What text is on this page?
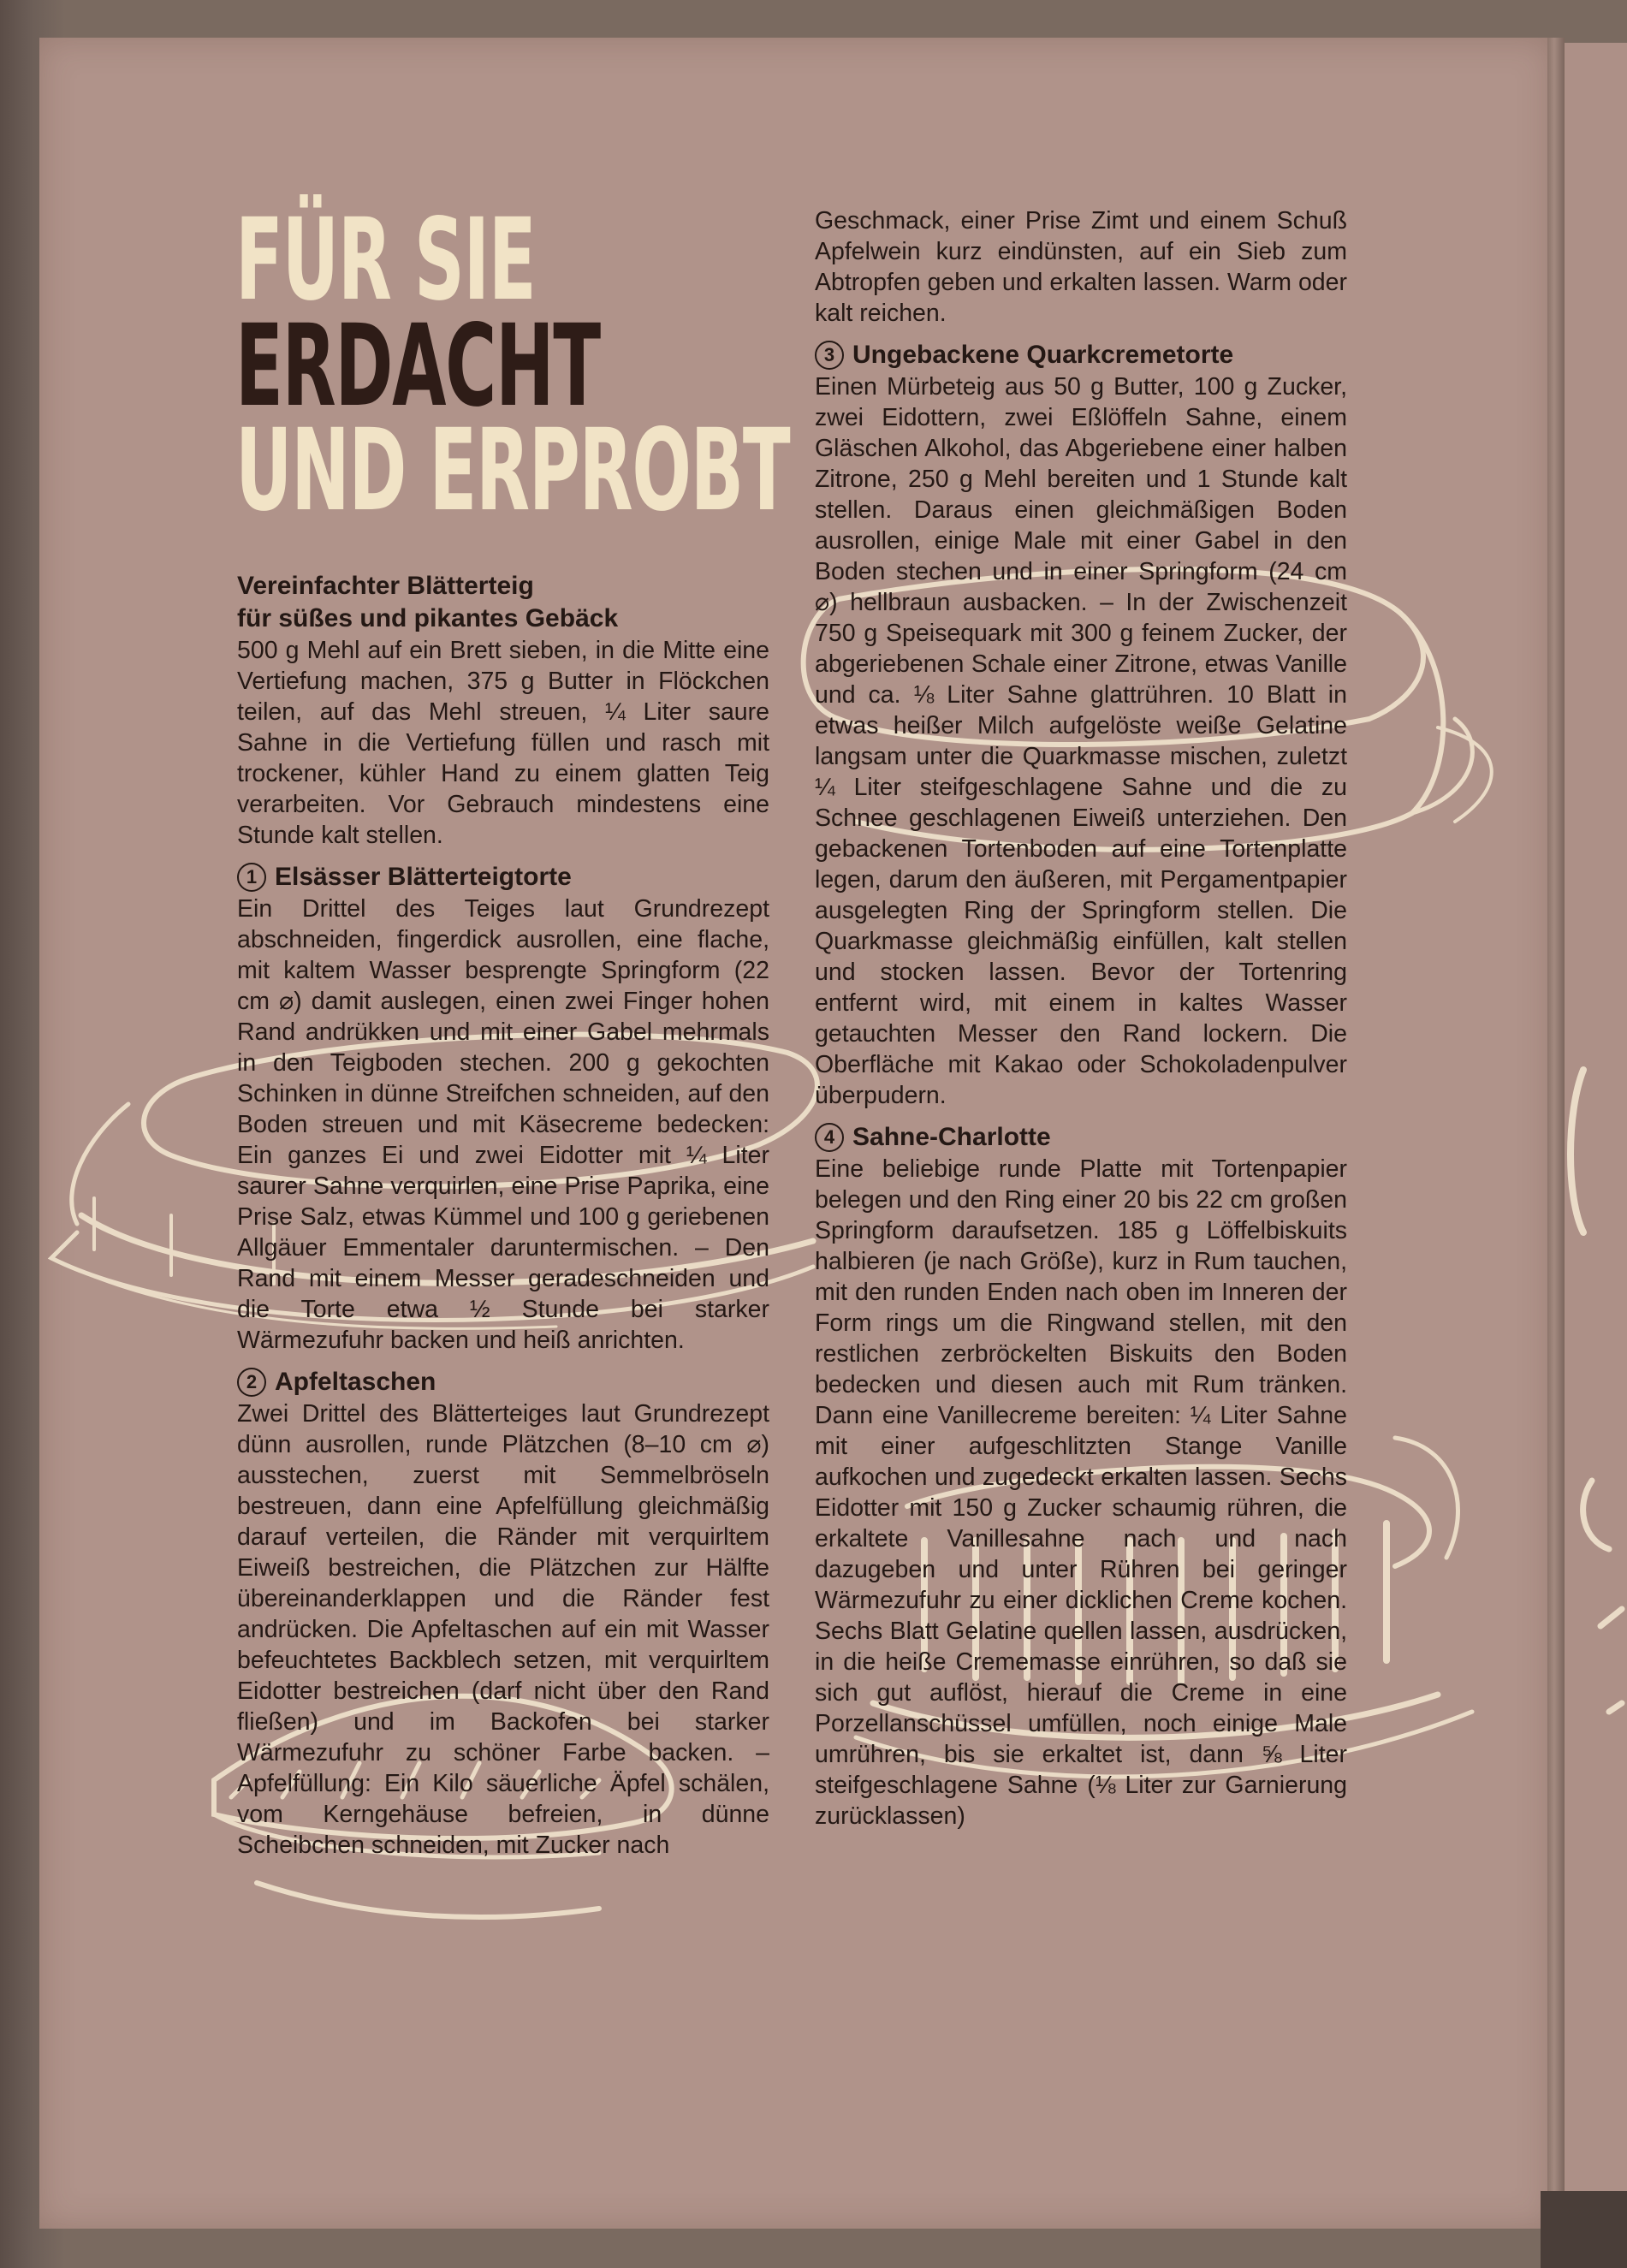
FÜR SIE
ERDACHT
UND ERPROBT
Vereinfachter Blätterteig
für süßes und pikantes Gebäck

500 g Mehl auf ein Brett sieben, in die Mitte eine Vertiefung machen, 375 g Butter in Flöckchen teilen, auf das Mehl streuen, ¼ Liter saure Sahne in die Vertiefung füllen und rasch mit trockener, kühler Hand zu einem glatten Teig verarbeiten. Vor Gebrauch mindestens eine Stunde kalt stellen.

1 Elsässer Blätterteigtorte

Ein Drittel des Teiges laut Grundrezept abschneiden, fingerdick ausrollen, eine flache, mit kaltem Wasser besprengte Springform (22 cm ⌀) damit auslegen, einen zwei Finger hohen Rand andrükken und mit einer Gabel mehrmals in den Teigboden stechen. 200 g gekochten Schinken in dünne Streifchen schneiden, auf den Boden streuen und mit Käsecreme bedecken: Ein ganzes Ei und zwei Eidotter mit ¼ Liter saurer Sahne verquirlen, eine Prise Paprika, eine Prise Salz, etwas Kümmel und 100 g geriebenen Allgäuer Emmentaler daruntermischen. – Den Rand mit einem Messer geradeschneiden und die Torte etwa ½ Stunde bei starker Wärmezufuhr backen und heiß anrichten.

2 Apfeltaschen

Zwei Drittel des Blätterteiges laut Grundrezept dünn ausrollen, runde Plätzchen (8–10 cm ⌀) ausstechen, zuerst mit Semmelbröseln bestreuen, dann eine Apfelfüllung gleichmäßig darauf verteilen, die Ränder mit verquirltem Eiweiß bestreichen, die Plätzchen zur Hälfte übereinanderklappen und die Ränder fest andrücken. Die Apfeltaschen auf ein mit Wasser befeuchtetes Backblech setzen, mit verquirltem Eidotter bestreichen (darf nicht über den Rand fließen) und im Backofen bei starker Wärmezufuhr zu schöner Farbe backen. – Apfelfüllung: Ein Kilo säuerliche Äpfel schälen, vom Kerngehäuse befreien, in dünne Scheibchen schneiden, mit Zucker nach

Geschmack, einer Prise Zimt und einem Schuß Apfelwein kurz eindünsten, auf ein Sieb zum Abtropfen geben und erkalten lassen. Warm oder kalt reichen.

3 Ungebackene Quarkcremetorte

Einen Mürbeteig aus 50 g Butter, 100 g Zucker, zwei Eidottern, zwei Eßlöffeln Sahne, einem Gläschen Alkohol, das Abgeriebene einer halben Zitrone, 250 g Mehl bereiten und 1 Stunde kalt stellen. Daraus einen gleichmäßigen Boden ausrollen, einige Male mit einer Gabel in den Boden stechen und in einer Springform (24 cm ⌀) hellbraun ausbacken. – In der Zwischenzeit 750 g Speisequark mit 300 g feinem Zucker, der abgeriebenen Schale einer Zitrone, etwas Vanille und ca. ⅛ Liter Sahne glattrühren. 10 Blatt in etwas heißer Milch aufgelöste weiße Gelatine langsam unter die Quarkmasse mischen, zuletzt ¼ Liter steifgeschlagene Sahne und die zu Schnee geschlagenen Eiweiß unterziehen. Den gebackenen Tortenboden auf eine Tortenplatte legen, darum den äußeren, mit Pergamentpapier ausgelegten Ring der Springform stellen. Die Quarkmasse gleichmäßig einfüllen, kalt stellen und stocken lassen. Bevor der Tortenring entfernt wird, mit einem in kaltes Wasser getauchten Messer den Rand lockern. Die Oberfläche mit Kakao oder Schokoladenpulver überpudern.

4 Sahne-Charlotte

Eine beliebige runde Platte mit Tortenpapier belegen und den Ring einer 20 bis 22 cm großen Springform daraufsetzen. 185 g Löffelbiskuits halbieren (je nach Größe), kurz in Rum tauchen, mit den runden Enden nach oben im Inneren der Form rings um die Ringwand stellen, mit den restlichen zerbröckelten Biskuits den Boden bedecken und diesen auch mit Rum tränken. Dann eine Vanillecreme bereiten: ¼ Liter Sahne mit einer aufgeschlitzten Stange Vanille aufkochen und zugedeckt erkalten lassen. Sechs Eidotter mit 150 g Zucker schaumig rühren, die erkaltete Vanillesahne nach und nach dazugeben und unter Rühren bei geringer Wärmezufuhr zu einer dicklichen Creme kochen. Sechs Blatt Gelatine quellen lassen, ausdrücken, in die heiße Crememasse einrühren, so daß sie sich gut auflöst, hierauf die Creme in eine Porzellanschüssel umfüllen, noch einige Male umrühren, bis sie erkaltet ist, dann ⅝ Liter steifgeschlagene Sahne (⅛ Liter zur Garnierung zurücklassen)
